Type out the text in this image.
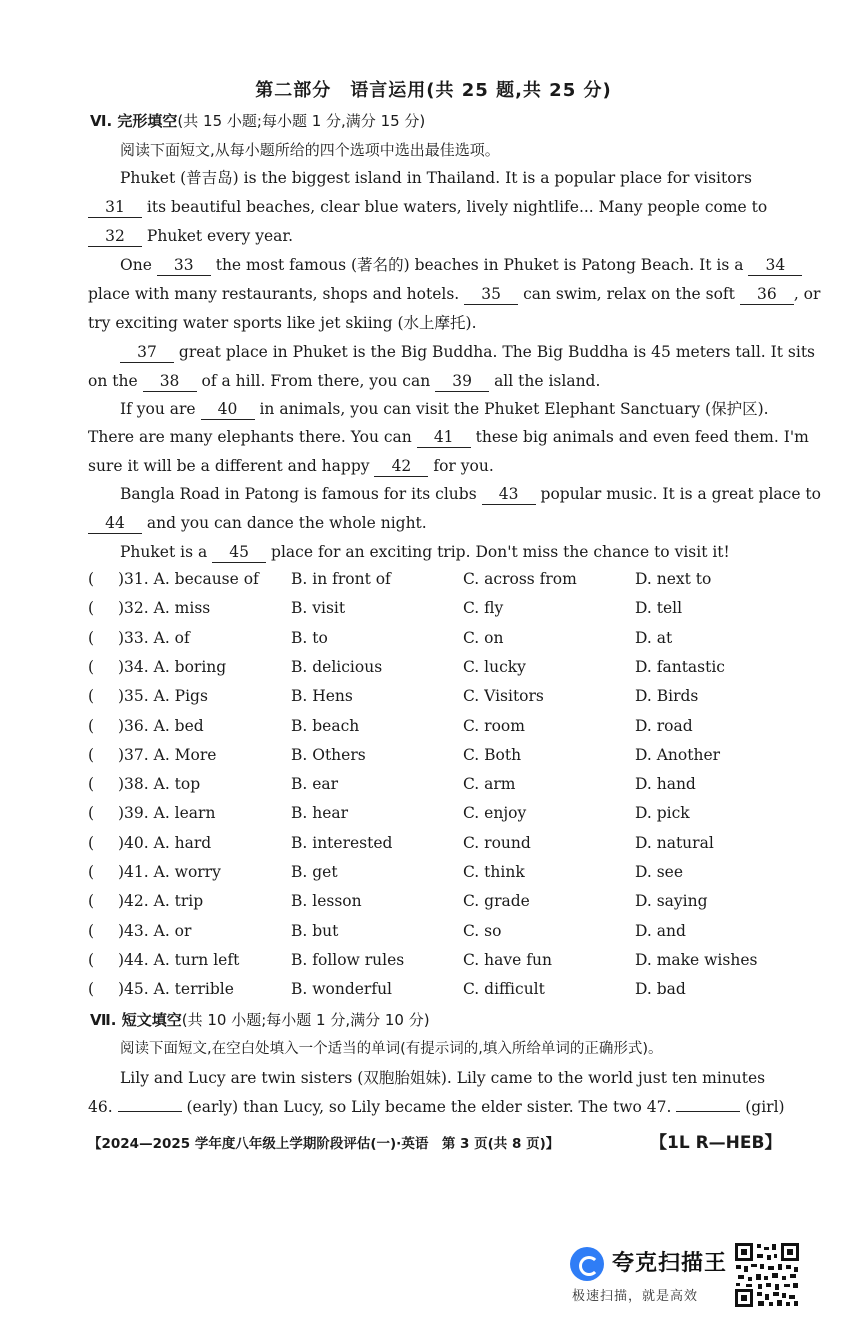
第二部分　语言运用(共 25 题,共 25 分)
Ⅵ. 完形填空(共 15 小题;每小题 1 分,满分 15 分)
阅读下面短文,从每小题所给的四个选项中选出最佳选项。
Phuket (普吉岛) is the biggest island in Thailand. It is a popular place for visitors
31 its beautiful beaches, clear blue waters, lively nightlife... Many people come to
32 Phuket every year.
One 33 the most famous (著名的) beaches in Phuket is Patong Beach. It is a 34
place with many restaurants, shops and hotels. 35 can swim, relax on the soft 36 , or
try exciting water sports like jet skiing (水上摩托).
37 great place in Phuket is the Big Buddha. The Big Buddha is 45 meters tall. It sits
on the 38 of a hill. From there, you can 39 all the island.
If you are 40 in animals, you can visit the Phuket Elephant Sanctuary (保护区).
There are many elephants there. You can 41 these big animals and even feed them. I'm
sure it will be a different and happy 42 for you.
Bangla Road in Patong is famous for its clubs 43 popular music. It is a great place to
44 and you can dance the whole night.
Phuket is a 45 place for an exciting trip. Don't miss the chance to visit it!
( )31. A. because of B. in front of	C. across from	D. next to
( )32. A. miss	B. visit	C. fly	D. tell
( )33. A. of	B. to	C. on	D. at
( )34. A. boring	B. delicious	C. lucky	D. fantastic
( )35. A. Pigs	B. Hens	C. Visitors	D. Birds
( )36. A. bed	B. beach	C. room	D. road
( )37. A. More	B. Others	C. Both	D. Another
( )38. A. top	B. ear	C. arm	D. hand
( )39. A. learn	B. hear	C. enjoy	D. pick
( )40. A. hard	B. interested	C. round	D. natural
( )41. A. worry	B. get	C. think	D. see
( )42. A. trip	B. lesson	C. grade	D. saying
( )43. A. or	B. but	C. so	D. and
( )44. A. turn left	B. follow rules	C. have fun	D. make wishes
( )45. A. terrible	B. wonderful	C. difficult	D. bad
Ⅶ. 短文填空(共 10 小题;每小题 1 分,满分 10 分)
阅读下面短文,在空白处填入一个适当的单词(有提示词的,填入所给单词的正确形式)。
Lily and Lucy are twin sisters (双胞胎姐妹). Lily came to the world just ten minutes
46.	(early) than Lucy, so Lily became the elder sister. The two 47.	(girl)
【2024—2025 学年度八年级上学期阶段评估(一)·英语　第 3 页(共 8 页)】	【1L R—HEB】
夸克扫描王
极速扫描，就是高效
